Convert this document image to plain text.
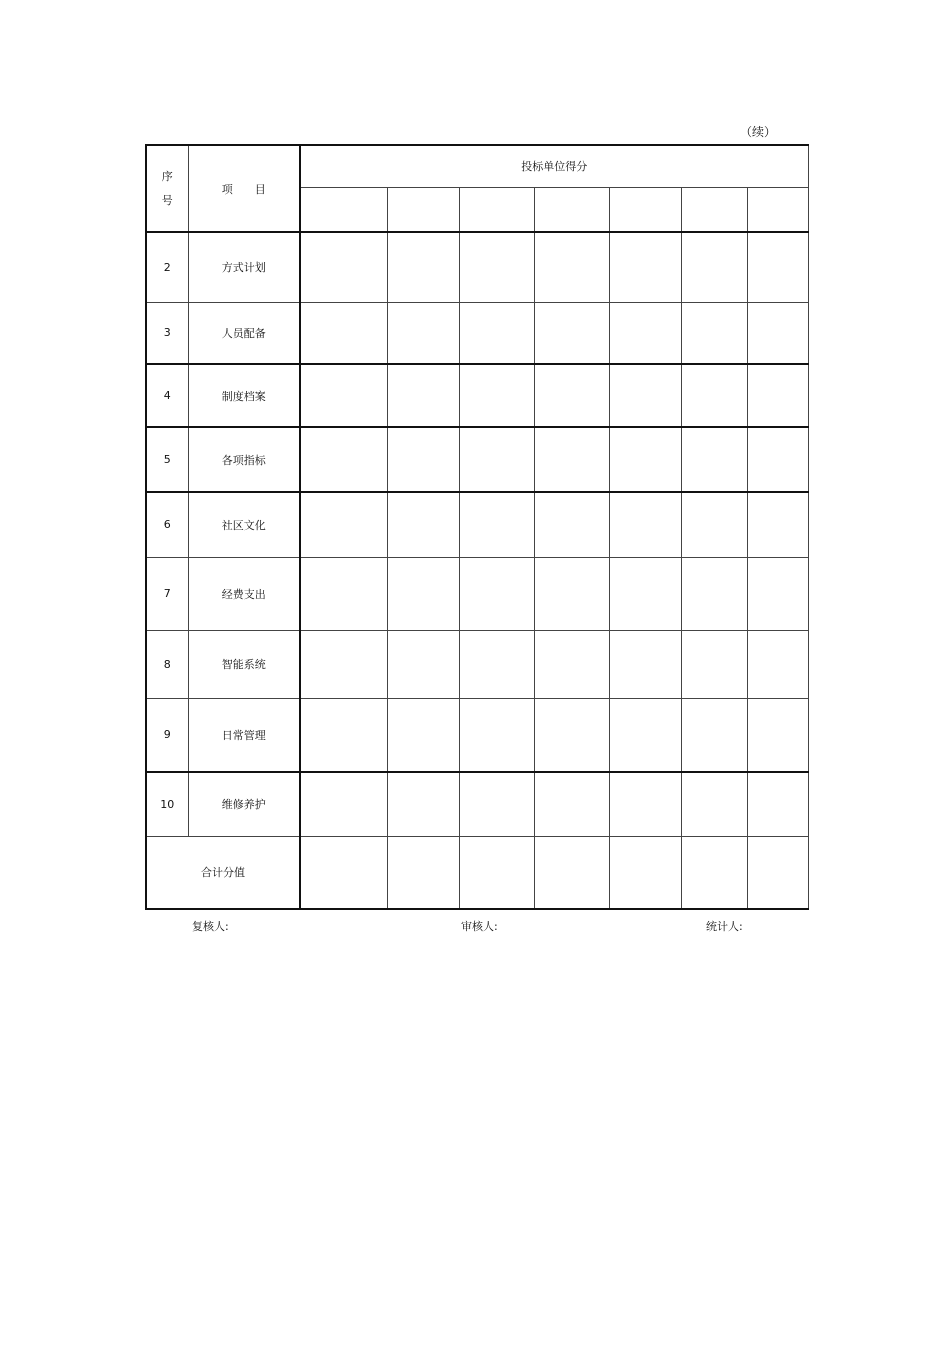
（续）
序
号	项　　目	投标单位得分						

2	方式计划							
3	人员配备							
4	制度档案							
5	各项指标							
6	社区文化							
7	经费支出							
8	智能系统							
9	日常管理							
10	维修养护							
合计分值								
复核人:	审核人:	统计人:
